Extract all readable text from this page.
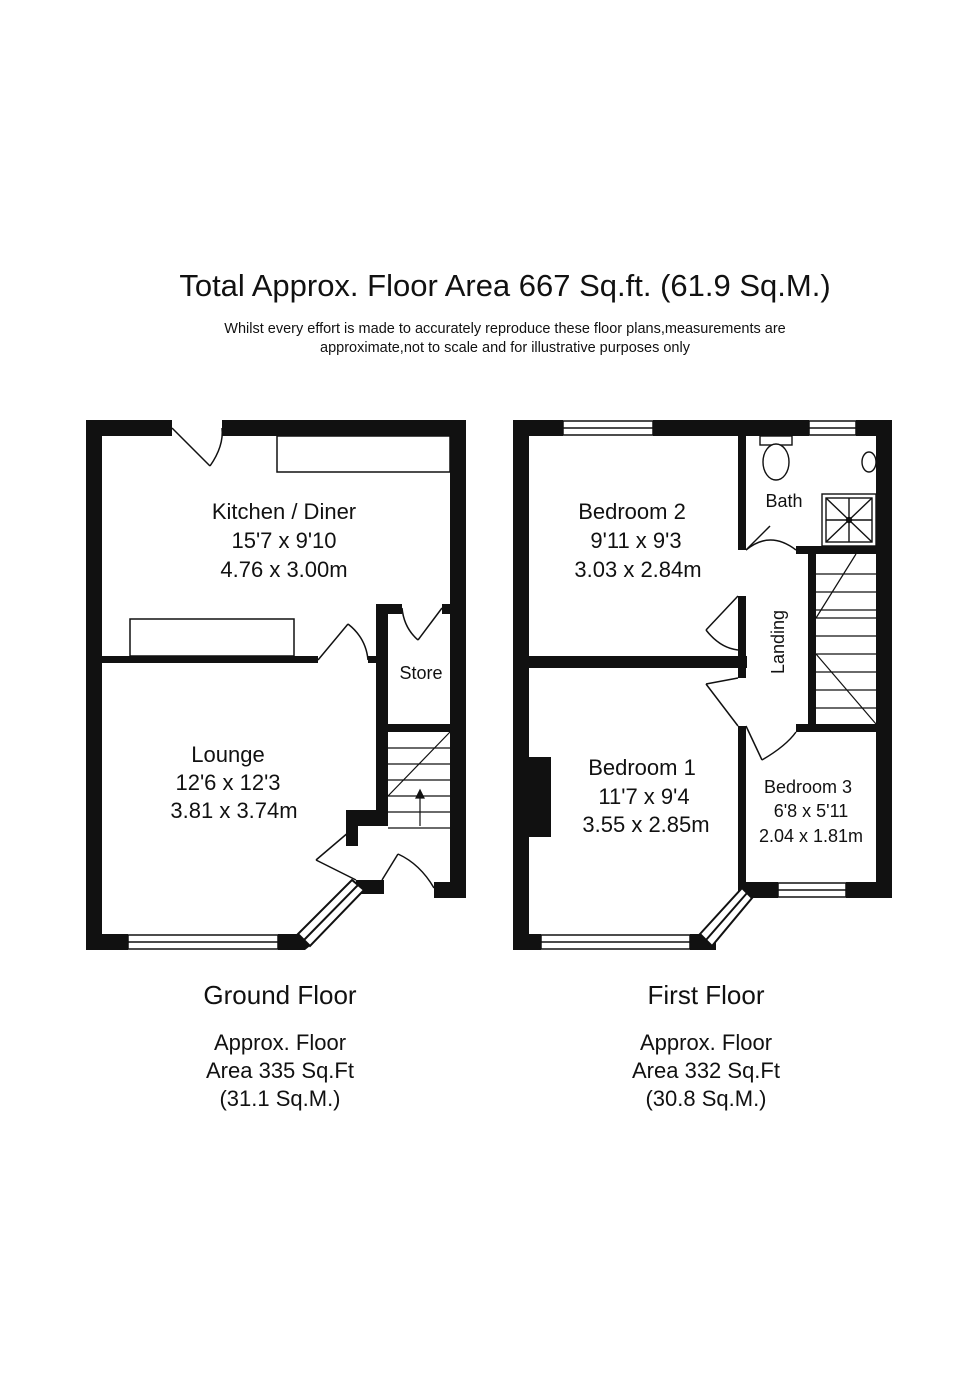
Total Approx. Floor Area 667 Sq.ft. (61.9 Sq.M.)
Whilst every effort is made to accurately reproduce these floor plans,measurements are
approximate,not to scale and for illustrative purposes only
Kitchen / Diner
15'7 x 9'10
4.76 x 3.00m
Lounge
12'6 x 12'3
3.81 x 3.74m
Store
Bedroom 2
9'11 x 9'3
3.03 x 2.84m
Bedroom 1
11'7 x 9'4
3.55 x 2.85m
Bedroom 3
6'8 x 5'11
2.04 x 1.81m
Bath
Landing
Ground Floor
Approx. Floor
Area 335 Sq.Ft
(31.1 Sq.M.)
First Floor
Approx. Floor
Area 332 Sq.Ft
(30.8 Sq.M.)
